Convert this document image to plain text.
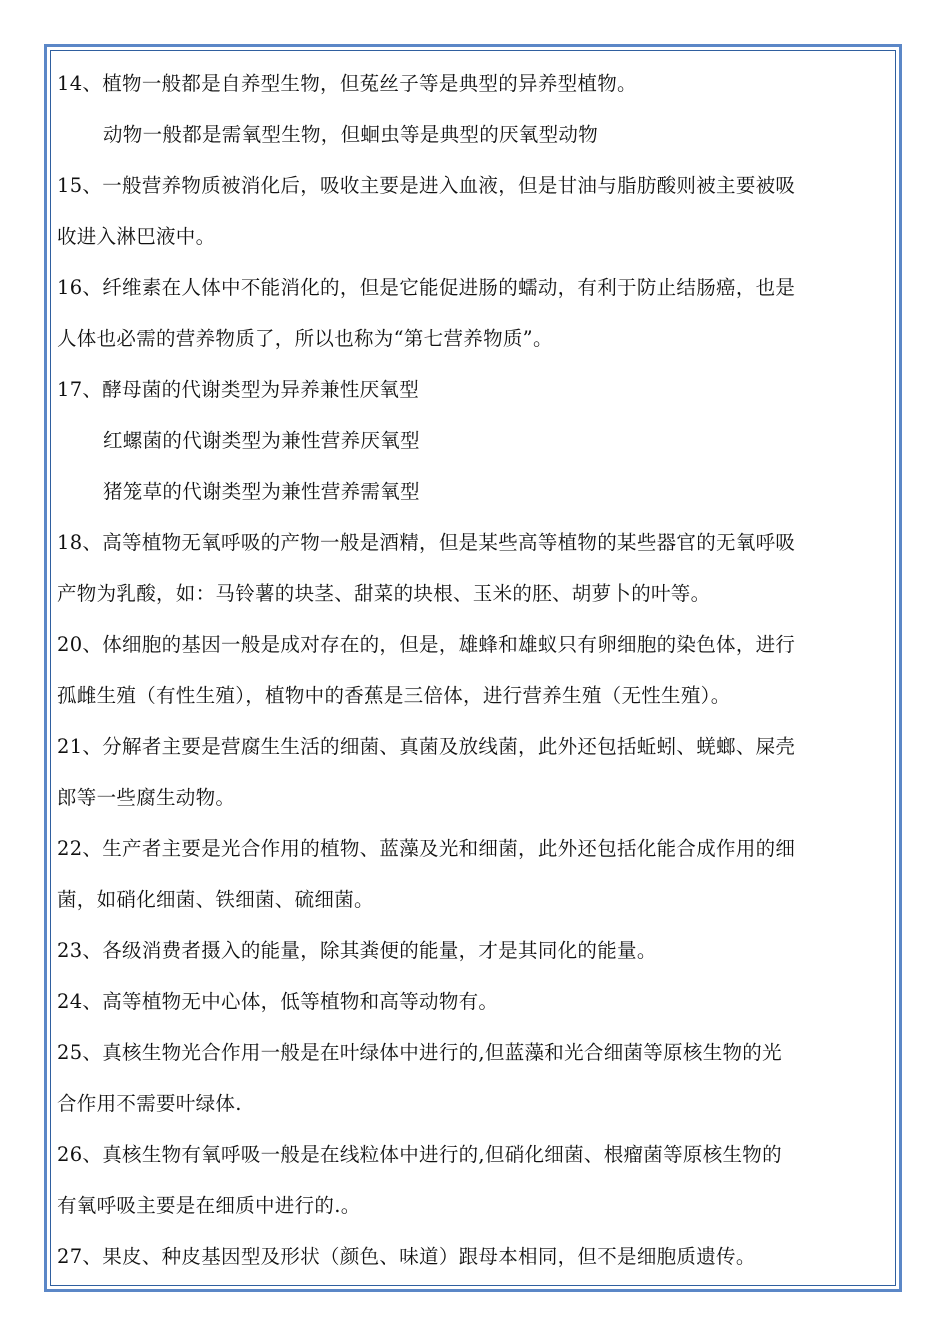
14、植物一般都是自养型生物，但菟丝子等是典型的异养型植物。

动物一般都是需氧型生物，但蛔虫等是典型的厌氧型动物

15、一般营养物质被消化后，吸收主要是进入血液，但是甘油与脂肪酸则被主要被吸

收进入淋巴液中。

16、纤维素在人体中不能消化的，但是它能促进肠的蠕动，有利于防止结肠癌，也是

人体也必需的营养物质了，所以也称为“第七营养物质”。

17、酵母菌的代谢类型为异养兼性厌氧型

红螺菌的代谢类型为兼性营养厌氧型

猪笼草的代谢类型为兼性营养需氧型

18、高等植物无氧呼吸的产物一般是酒精，但是某些高等植物的某些器官的无氧呼吸

产物为乳酸，如：马铃薯的块茎、甜菜的块根、玉米的胚、胡萝卜的叶等。

20、体细胞的基因一般是成对存在的，但是，雄蜂和雄蚁只有卵细胞的染色体，进行

孤雌生殖（有性生殖），植物中的香蕉是三倍体，进行营养生殖（无性生殖）。

21、分解者主要是营腐生生活的细菌、真菌及放线菌，此外还包括蚯蚓、蜣螂、屎壳

郎等一些腐生动物。

22、生产者主要是光合作用的植物、蓝藻及光和细菌，此外还包括化能合成作用的细

菌，如硝化细菌、铁细菌、硫细菌。

23、各级消费者摄入的能量，除其粪便的能量，才是其同化的能量。

24、高等植物无中心体，低等植物和高等动物有。

25、真核生物光合作用一般是在叶绿体中进行的,但蓝藻和光合细菌等原核生物的光

合作用不需要叶绿体.

26、真核生物有氧呼吸一般是在线粒体中进行的,但硝化细菌、根瘤菌等原核生物的

有氧呼吸主要是在细质中进行的.。

27、果皮、种皮基因型及形状（颜色、味道）跟母本相同，但不是细胞质遗传。
